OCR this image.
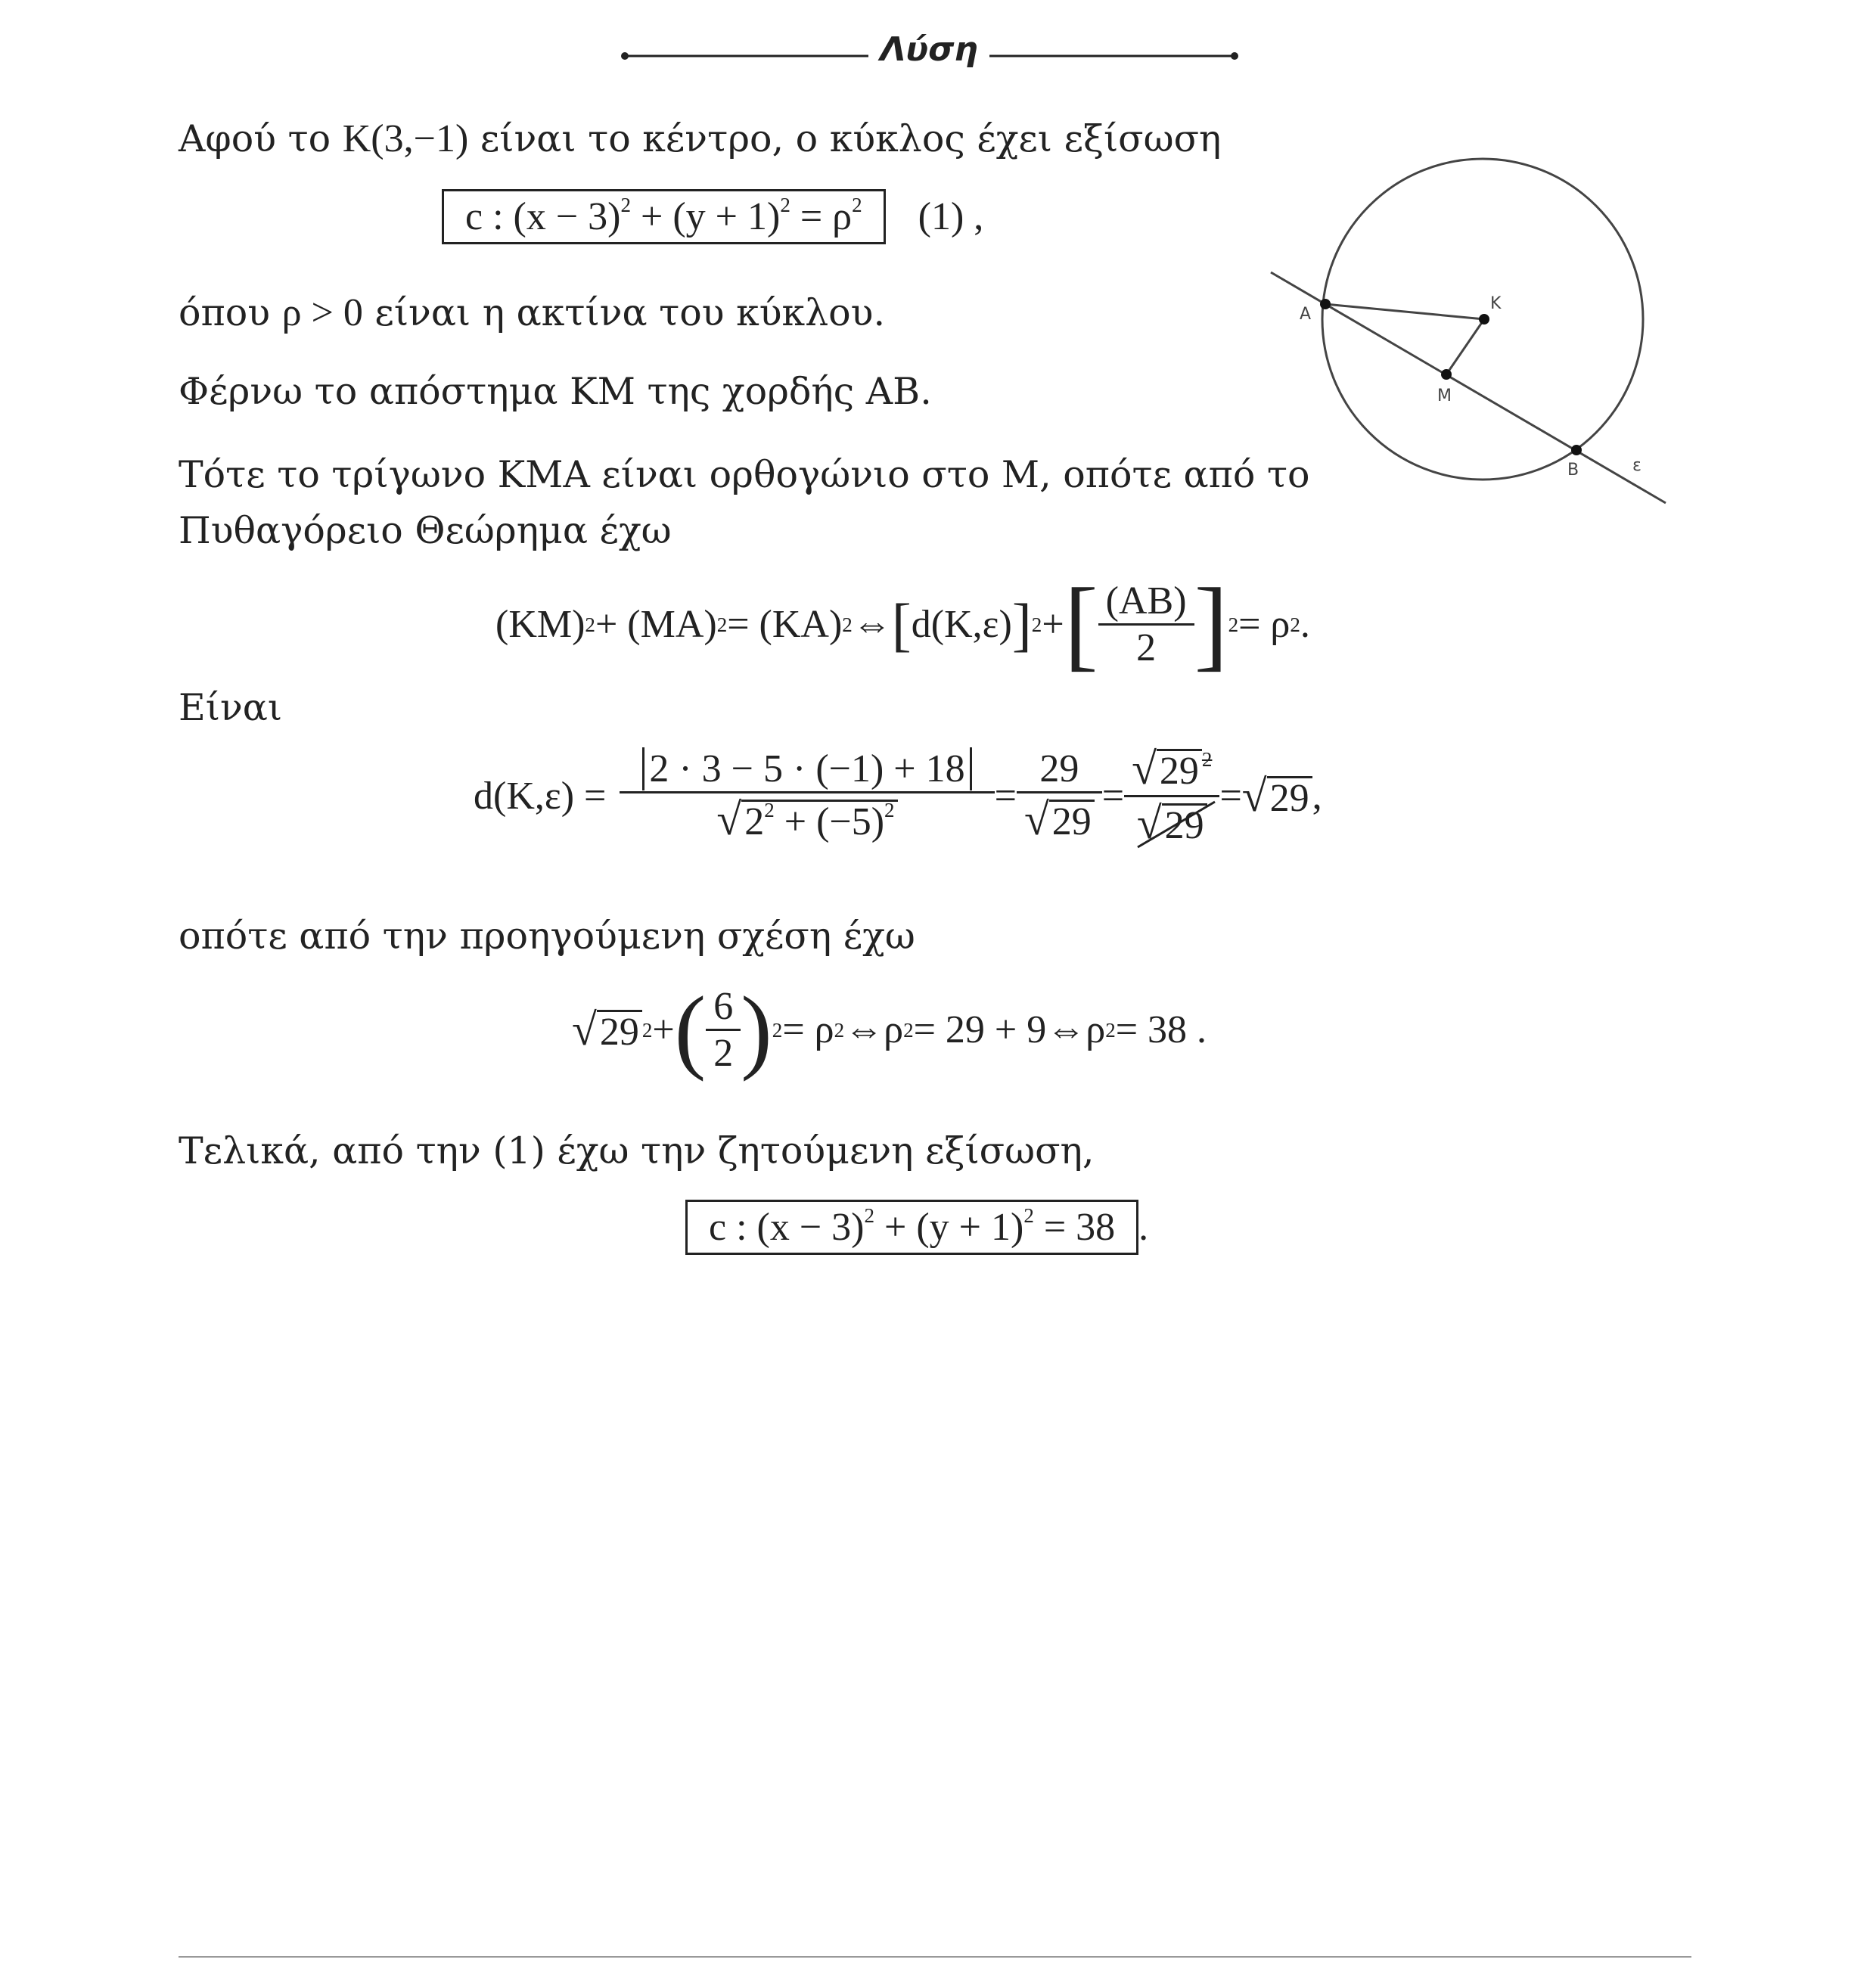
Λύση
Αφού το K(3,−1) είναι το κέντρο, ο κύκλος έχει εξίσωση
c : $(x - 3)^2 + (y + 1)^2 = \rho^2$ (1) ,
όπου ρ > 0 είναι η ακτίνα του κύκλου.
Φέρνω το απόστημα KM της χορδής AB.
Τότε το τρίγωνο KMA είναι ορθογώνιο στο M, οπότε από το
Πυθαγόρειο Θεώρημα έχω
(KM) 2 + (MA) 2 = (KA) 2 ⇔ [ d(K,ε) ] 2 + [ $\frac{(AB)}{2}$ ] 2 = ρ 2 .
Είναι
$d(K,\varepsilon) = \frac{2 \cdot 3 - 5 \cdot (-1) + 18}{√2^2 + (-5)^2} = \frac{29}{√29} = \frac{√29 ^2}{√29} = √29$ ,
οπότε από την προηγούμενη σχέση έχω
√29 2 + ( $\frac{6}{2}$ ) 2 = ρ 2 ⇔ ρ 2 = 29 + 9 ⇔ ρ 2 = 38 .
Τελικά, από την (1) έχω την ζητούμενη εξίσωση,
c : $(x - 3)^2 + (y + 1)^2 = 38$ .
A
K
M
B	ε
